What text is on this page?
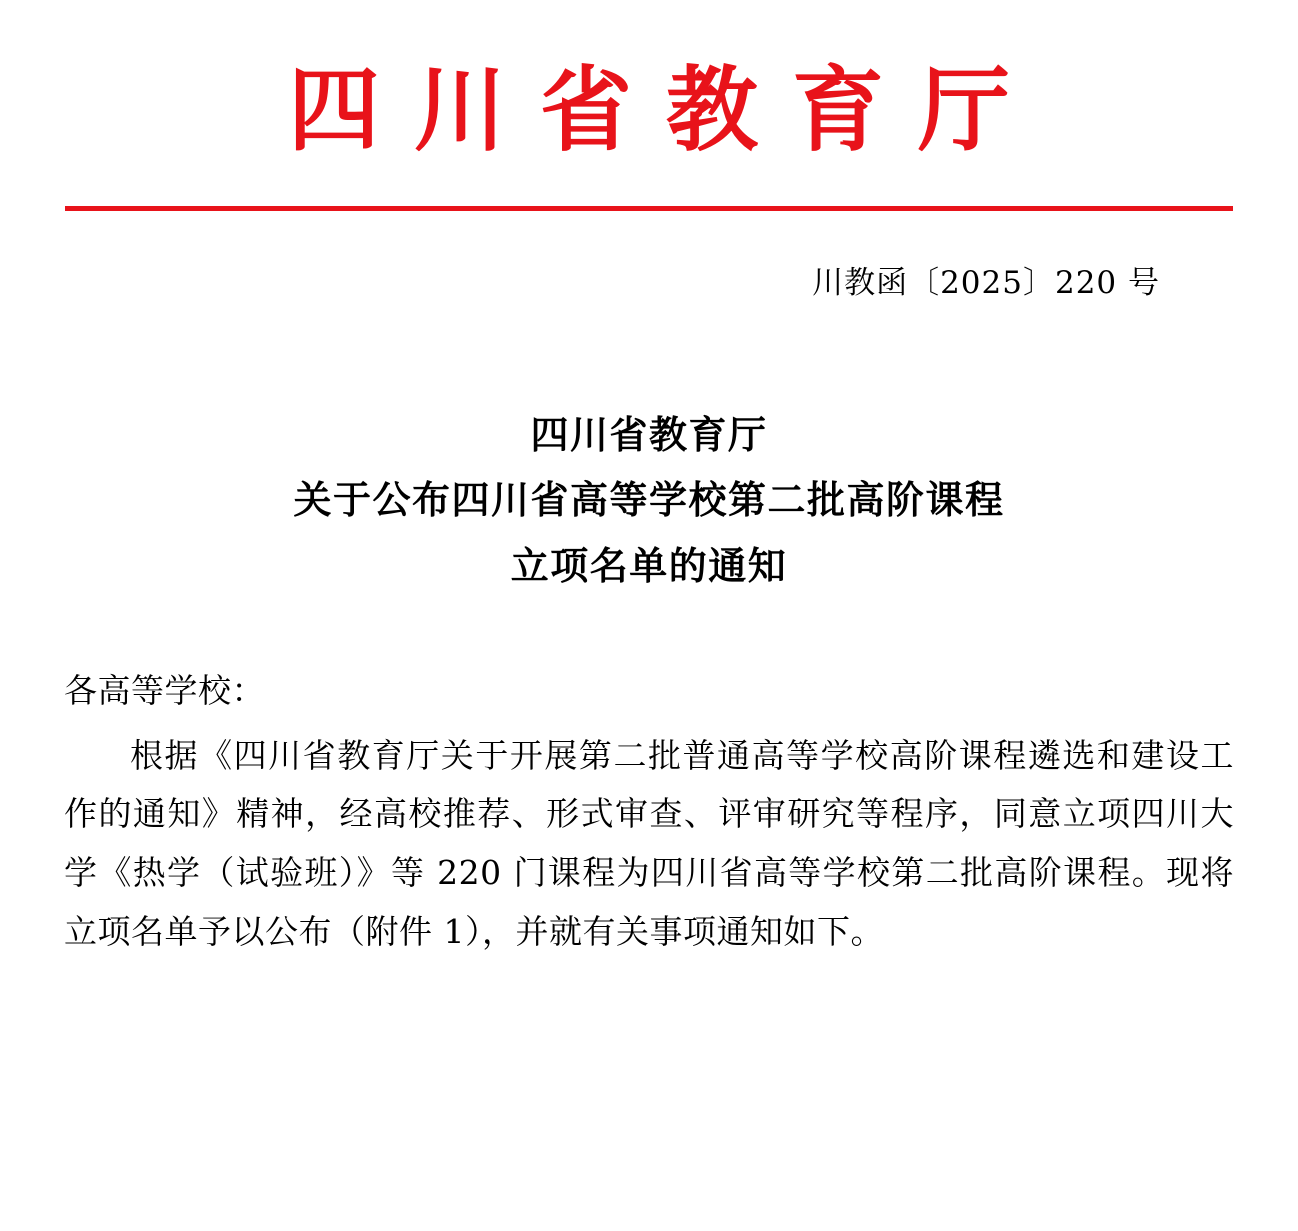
四川省教育厅
川教函〔2025〕220 号
四川省教育厅
关于公布四川省高等学校第二批高阶课程
立项名单的通知

各高等学校：

根据《四川省教育厅关于开展第二批普通高等学校高阶课程遴选和建设工作的通知》精神，经高校推荐、形式审查、评审研究等程序，同意立项四川大学《热学（试验班）》等 220 门课程为四川省高等学校第二批高阶课程。现将立项名单予以公布（附件 1），并就有关事项通知如下。
